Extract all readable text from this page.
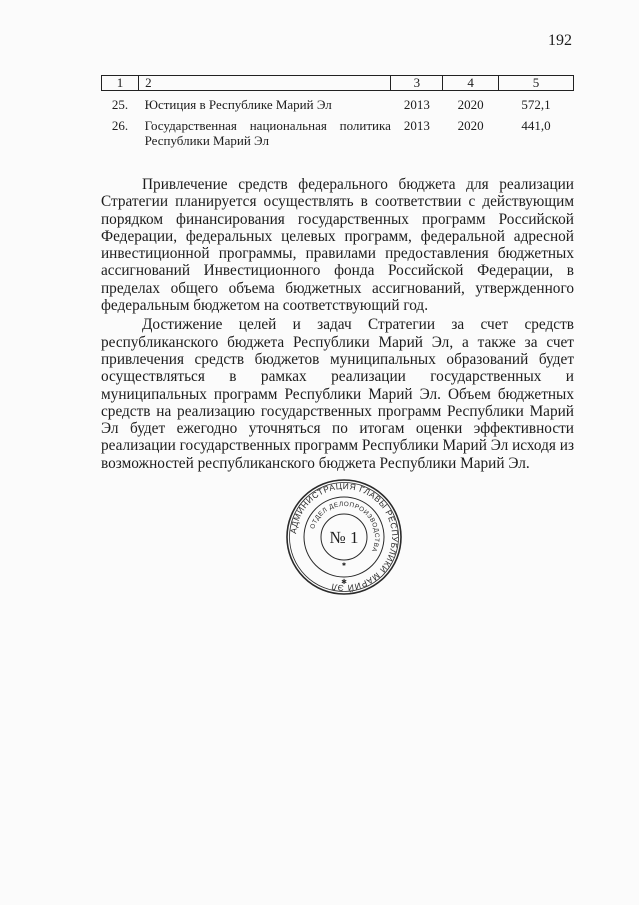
192
1	2	3	4	5
25.	Юстиция в Республике Марий Эл	2013	2020	572,1
26.	Государственная национальная политика Республики Марий Эл	2013	2020	441,0

Привлечение средств федерального бюджета для реализации Стратегии планируется осуществлять в соответствии с действующим порядком финансирования государственных программ Российской Федерации, федеральных целевых программ, федеральной адресной инвестиционной программы, правилами предоставления бюджетных ассигнований Инвестиционного фонда Российской Федерации, в пределах общего объема бюджетных ассигнований, утвержденного федеральным бюджетом на соответствующий год.

Достижение целей и задач Стратегии за счет средств республиканского бюджета Республики Марий Эл, а также за счет привлечения средств бюджетов муниципальных образований будет осуществляться в рамках реализации государственных и муниципальных программ Республики Марий Эл. Объем бюджетных средств на реализацию государственных программ Республики Марий Эл будет ежегодно уточняться по итогам оценки эффективности реализации государственных программ Республики Марий Эл исходя из возможностей республиканского бюджета Республики Марий Эл.

АДМИНИСТРАЦИЯ ГЛАВЫ РЕСПУБЛИКИ МАРИЙ ЭЛ
ОТДЕЛ ДЕЛОПРОИЗВОДСТВА
№ 1
✱
✱
